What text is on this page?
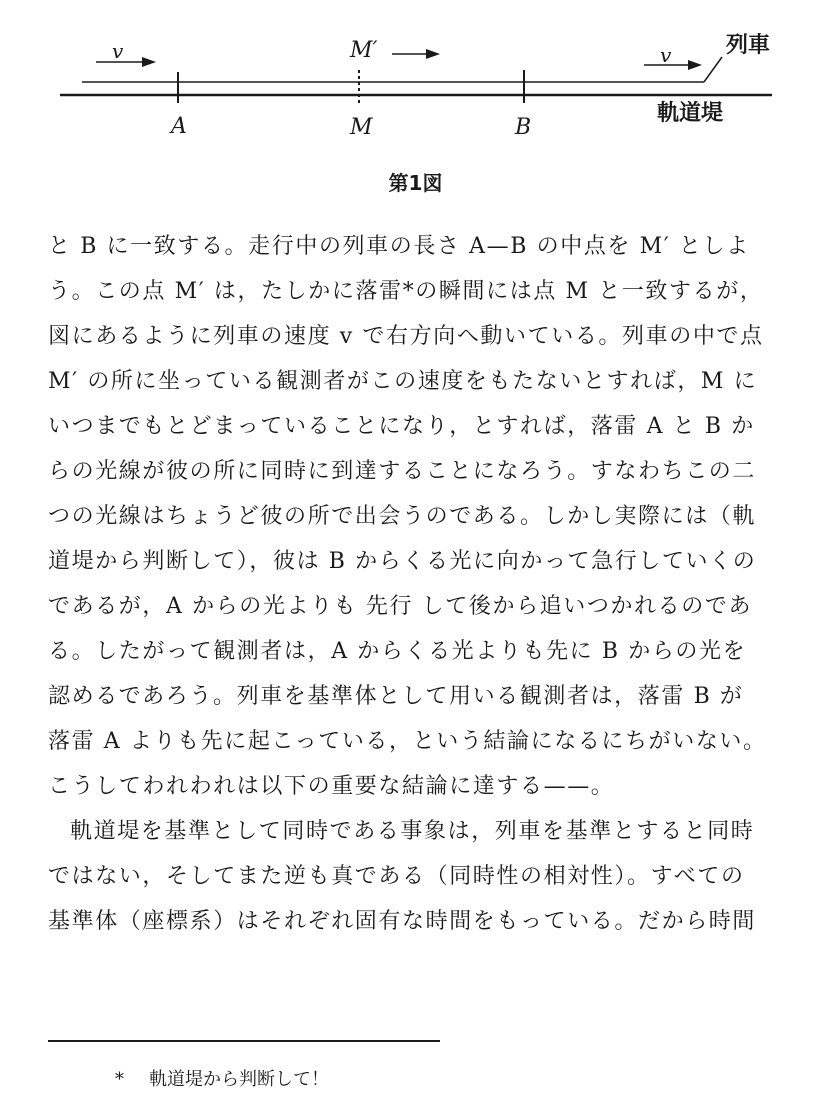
v	M′	v 列車
A	M	B
軌道堤
第1図
と B に一致する。走行中の列車の長さ A—B の中点を M′ としよ
う。この点 M′ は，たしかに落雷*の瞬間には点 M と一致するが，
図にあるように列車の速度 v で右方向へ動いている。列車の中で点
M′ の所に坐っている観測者がこの速度をもたないとすれば，M に
いつまでもとどまっていることになり，とすれば，落雷 A と B か
らの光線が彼の所に同時に到達することになろう。すなわちこの二
つの光線はちょうど彼の所で出会うのである。しかし実際には（軌
道堤から判断して），彼は B からくる光に向かって急行していくの
であるが，A からの光よりも 先行 して後から追いつかれるのであ
る。したがって観測者は，A からくる光よりも先に B からの光を
認めるであろう。列車を基準体として用いる観測者は，落雷 B が
落雷 A よりも先に起こっている，という結論になるにちがいない。
こうしてわれわれは以下の重要な結論に達する——。
軌道堤を基準として同時である事象は，列車を基準とすると同時
ではない，そしてまた逆も真である（同時性の相対性）。すべての
基準体（座標系）はそれぞれ固有な時間をもっている。だから時間
* 軌道堤から判断して！
